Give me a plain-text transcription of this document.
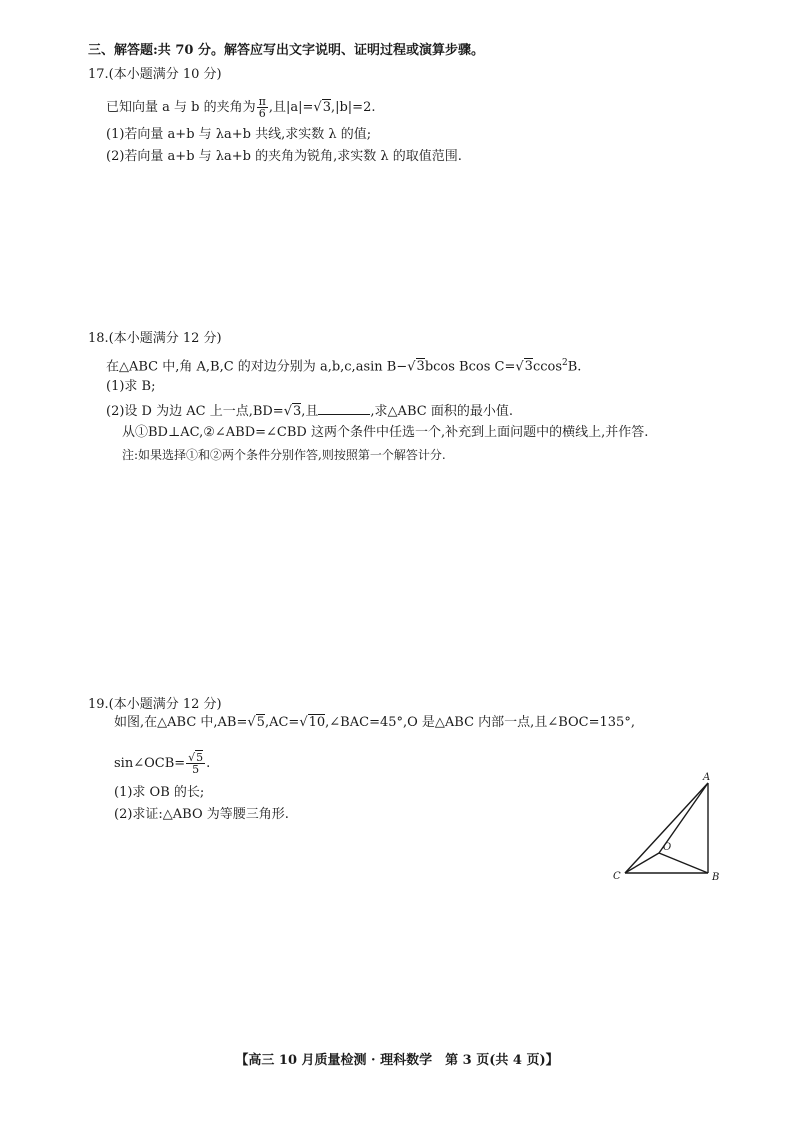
三、解答题:共 70 分。解答应写出文字说明、证明过程或演算步骤。
17.(本小题满分 10 分)
已知向量 a 与 b 的夹角为 $\frac{\pi}{6}$ ,且|a|=√3,|b|=2.
(1)若向量 a+b 与 λa+b 共线,求实数 λ 的值;
(2)若向量 a+b 与 λa+b 的夹角为锐角,求实数 λ 的取值范围.
18.(本小题满分 12 分)
在△ABC 中,角 A,B,C 的对边分别为 a,b,c,asin B−√3bcos Bcos C=√3ccos$^2$B.
(1)求 B;
(2)设 D 为边 AC 上一点,BD=√3,且	,求△ABC 面积的最小值.
从①BD⊥AC,②∠ABD=∠CBD 这两个条件中任选一个,补充到上面问题中的横线上,并作答.
注:如果选择①和②两个条件分别作答,则按照第一个解答计分.
19.(本小题满分 12 分)
如图,在△ABC 中,AB=√5,AC=√10,∠BAC=45°,O 是△ABC 内部一点,且∠BOC=135°,
sin∠OCB= $\frac{√5}{5}$ .
(1)求 OB 的长;
(2)求证:△ABO 为等腰三角形.
A
B
C
O
【高三 10 月质量检测 · 理科数学　第 3 页(共 4 页)】
